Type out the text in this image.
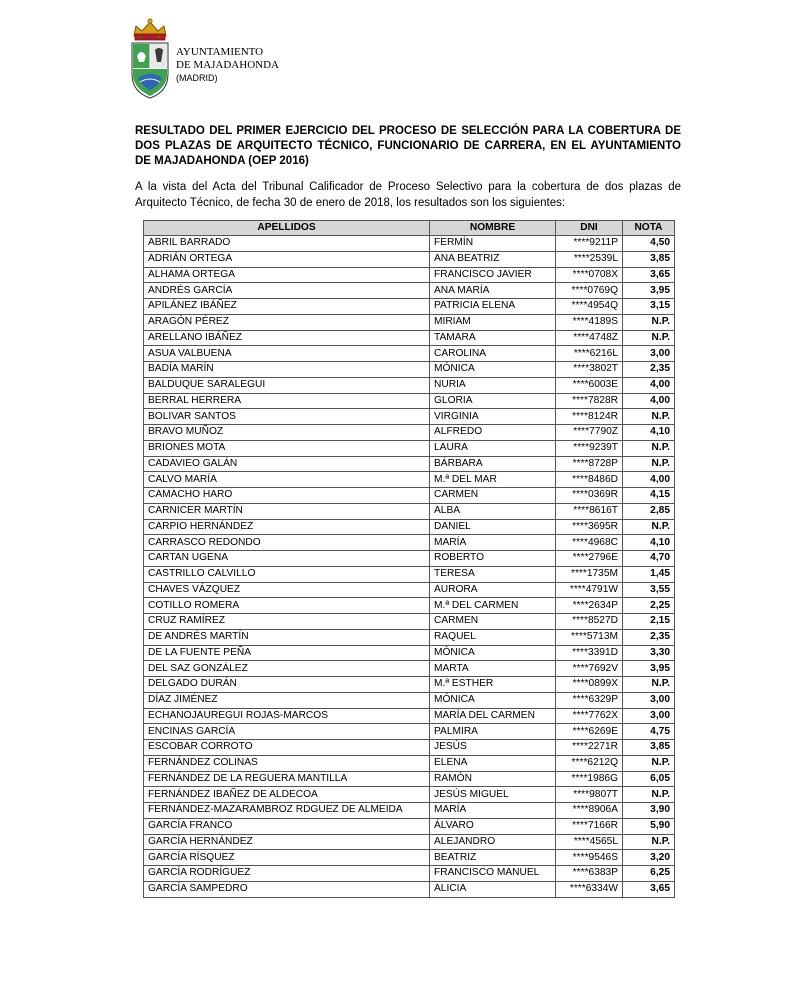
AYUNTAMIENTO
DE MAJADAHONDA
(MADRID)
RESULTADO DEL PRIMER EJERCICIO DEL PROCESO DE SELECCIÓN PARA LA COBERTURA DE DOS PLAZAS DE ARQUITECTO TÉCNICO, FUNCIONARIO DE CARRERA, EN EL AYUNTAMIENTO DE MAJADAHONDA (OEP 2016)
A la vista del Acta del Tribunal Calificador de Proceso Selectivo para la cobertura de dos plazas de Arquitecto Técnico, de fecha 30 de enero de 2018, los resultados son los siguientes:
APELLIDOS	NOMBRE	DNI	NOTA
ABRIL BARRADO	FERMÍN	****9211P	4,50
ADRIÁN ORTEGA	ANA BEATRIZ	****2539L	3,85
ALHAMA ORTEGA	FRANCISCO JAVIER	****0708X	3,65
ANDRÉS GARCÍA	ANA MARÍA	****0769Q	3,95
APILÁNEZ IBÁÑEZ	PATRICIA ELENA	****4954Q	3,15
ARAGÓN PÉREZ	MIRIAM	****4189S	N.P.
ARELLANO IBÁÑEZ	TAMARA	****4748Z	N.P.
ASUA VALBUENA	CAROLINA	****6216L	3,00
BADÍA MARÍN	MÓNICA	****3802T	2,35
BALDUQUE SARALEGUI	NURIA	****6003E	4,00
BERRAL HERRERA	GLORIA	****7828R	4,00
BOLIVAR SANTOS	VIRGINIA	****8124R	N.P.
BRAVO MUÑOZ	ALFREDO	****7790Z	4,10
BRIONES MOTA	LAURA	****9239T	N.P.
CADAVIEO GALÁN	BÁRBARA	****8728P	N.P.
CALVO MARÍA	M.ª DEL MAR	****8486D	4,00
CAMACHO HARO	CARMEN	****0369R	4,15
CARNICER MARTÍN	ALBA	****8616T	2,85
CARPIO HERNÁNDEZ	DANIEL	****3695R	N.P.
CARRASCO REDONDO	MARÍA	****4968C	4,10
CARTAN UGENA	ROBERTO	****2796E	4,70
CASTRILLO CALVILLO	TERESA	****1735M	1,45
CHAVES VÁZQUEZ	AURORA	****4791W	3,55
COTILLO ROMERA	M.ª DEL CARMEN	****2634P	2,25
CRUZ RAMÍREZ	CARMEN	****8527D	2,15
DE ANDRÉS MARTÍN	RAQUEL	****5713M	2,35
DE LA FUENTE PEÑA	MÓNICA	****3391D	3,30
DEL SAZ GONZÁLEZ	MARTA	****7692V	3,95
DELGADO DURÁN	M.ª ESTHER	****0899X	N.P.
DÍAZ JIMÉNEZ	MÓNICA	****6329P	3,00
ECHANOJAUREGUI ROJAS-MARCOS	MARÍA DEL CARMEN	****7762X	3,00
ENCINAS GARCÍA	PALMIRA	****6269E	4,75
ESCOBAR CORROTO	JESÚS	****2271R	3,85
FERNÁNDEZ COLINAS	ELENA	****6212Q	N.P.
FERNÁNDEZ DE LA REGUERA MANTILLA	RAMÓN	****1986G	6,05
FERNÁNDEZ IBAÑEZ DE ALDECOA	JESÚS MIGUEL	****9807T	N.P.
FERNÁNDEZ-MAZARAMBROZ RDGUEZ DE ALMEIDA	MARÍA	****8906A	3,90
GARCÍA FRANCO	ÁLVARO	****7166R	5,90
GARCÍA HERNÁNDEZ	ALEJANDRO	****4565L	N.P.
GARCÍA RÍSQUEZ	BEATRIZ	****9546S	3,20
GARCÍA RODRÍGUEZ	FRANCISCO MANUEL	****6383P	6,25
GARCÍA SAMPEDRO	ALICIA	****6334W	3,65
